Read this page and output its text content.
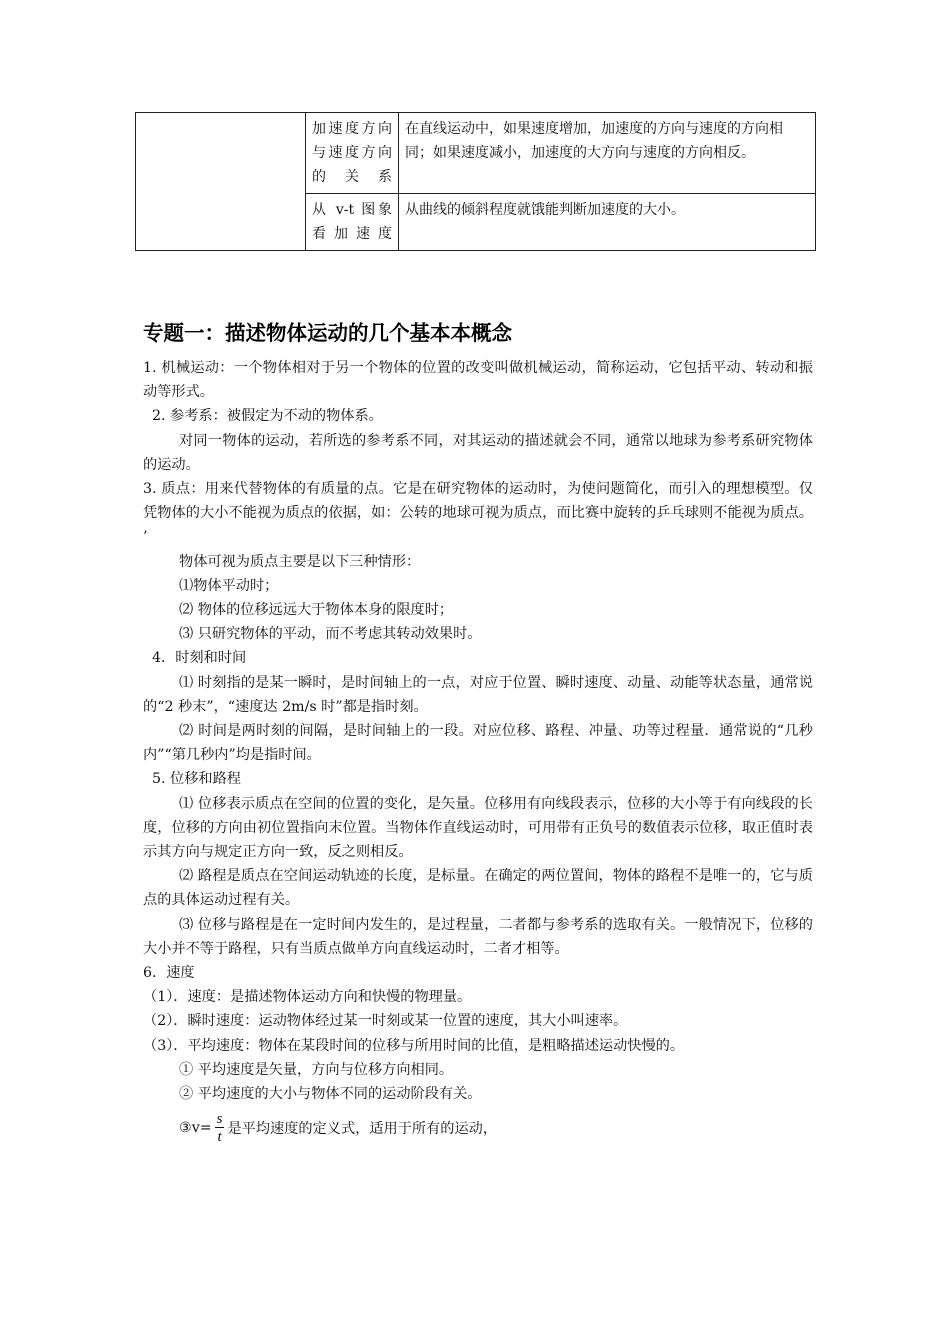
	加速度方向与速度方向的关系	在直线运动中，如果速度增加，加速度的方向与速度的方向相同；如果速度减小，加速度的大方向与速度的方向相反。
	从 v-t 图象看加速度	从曲线的倾斜程度就饿能判断加速度的大小。
专题一：描述物体运动的几个基本本概念

1. 机械运动：一个物体相对于另一个物体的位置的改变叫做机械运动，简称运动，它包括平动、转动和振动等形式。

2. 参考系：被假定为不动的物体系。

对同一物体的运动，若所选的参考系不同，对其运动的描述就会不同，通常以地球为参考系研究物体的运动。

3. 质点：用来代替物体的有质量的点。它是在研究物体的运动时，为使问题简化，而引入的理想模型。仅凭物体的大小不能视为质点的依据，如：公转的地球可视为质点，而比赛中旋转的乒乓球则不能视为质点。 ’

物体可视为质点主要是以下三种情形：

⑴物体平动时；

⑵ 物体的位移远远大于物体本身的限度时；

⑶ 只研究物体的平动，而不考虑其转动效果时。

4．时刻和时间

⑴ 时刻指的是某一瞬时，是时间轴上的一点，对应于位置、瞬时速度、动量、动能等状态量，通常说的“2 秒末”，“速度达 2m/s 时”都是指时刻。

⑵ 时间是两时刻的间隔，是时间轴上的一段。对应位移、路程、冲量、功等过程量．通常说的“几秒内”“第几秒内”均是指时间。

5. 位移和路程

⑴ 位移表示质点在空间的位置的变化，是矢量。位移用有向线段表示，位移的大小等于有向线段的长度，位移的方向由初位置指向末位置。当物体作直线运动时，可用带有正负号的数值表示位移，取正值时表示其方向与规定正方向一致，反之则相反。

⑵ 路程是质点在空间运动轨迹的长度，是标量。在确定的两位置间，物体的路程不是唯一的，它与质点的具体运动过程有关。

⑶ 位移与路程是在一定时间内发生的，是过程量，二者都与参考系的选取有关。一般情况下，位移的大小并不等于路程，只有当质点做单方向直线运动时，二者才相等。

6．速度

（1）．速度：是描述物体运动方向和快慢的物理量。

（2）．瞬时速度：运动物体经过某一时刻或某一位置的速度，其大小叫速率。

（3）．平均速度：物体在某段时间的位移与所用时间的比值，是粗略描述运动快慢的。

① 平均速度是矢量，方向与位移方向相同。

② 平均速度的大小与物体不同的运动阶段有关。

③v= $\frac{s}{t}$ 是平均速度的定义式，适用于所有的运动，
